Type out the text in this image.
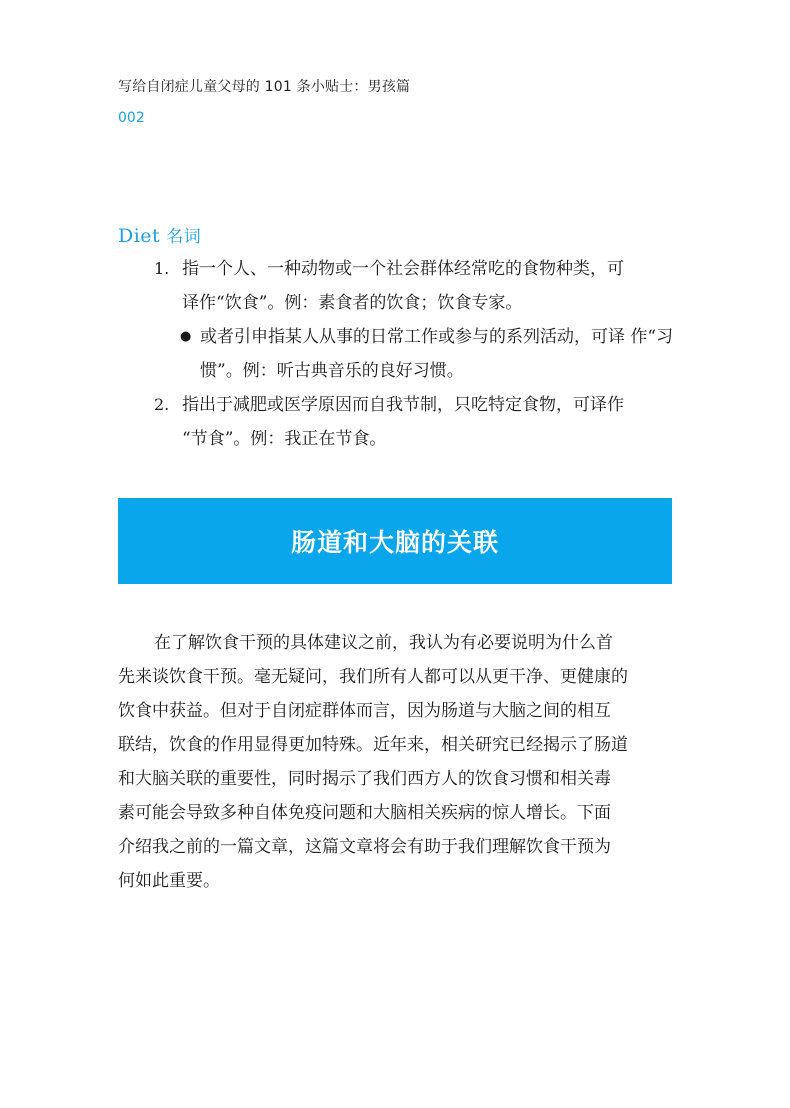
写给自闭症儿童父母的 101 条小贴士：男孩篇
002
Diet 名词
1. 指一个人、一种动物或一个社会群体经常吃的食物种类，可
译作“饮食”。例：素食者的饮食；饮食专家。
● 或者引申指某人从事的日常工作或参与的系列活动，可译 作“习惯”。例：听古典音乐的良好习惯。
2. 指出于减肥或医学原因而自我节制，只吃特定食物，可译作
“节食”。例：我正在节食。
肠道和大脑的关联
在了解饮食干预的具体建议之前，我认为有必要说明为什么首
先来谈饮食干预。毫无疑问，我们所有人都可以从更干净、更健康的
饮食中获益。但对于自闭症群体而言，因为肠道与大脑之间的相互
联结，饮食的作用显得更加特殊。近年来，相关研究已经揭示了肠道
和大脑关联的重要性，同时揭示了我们西方人的饮食习惯和相关毒
素可能会导致多种自体免疫问题和大脑相关疾病的惊人增长。下面
介绍我之前的一篇文章，这篇文章将会有助于我们理解饮食干预为
何如此重要。
